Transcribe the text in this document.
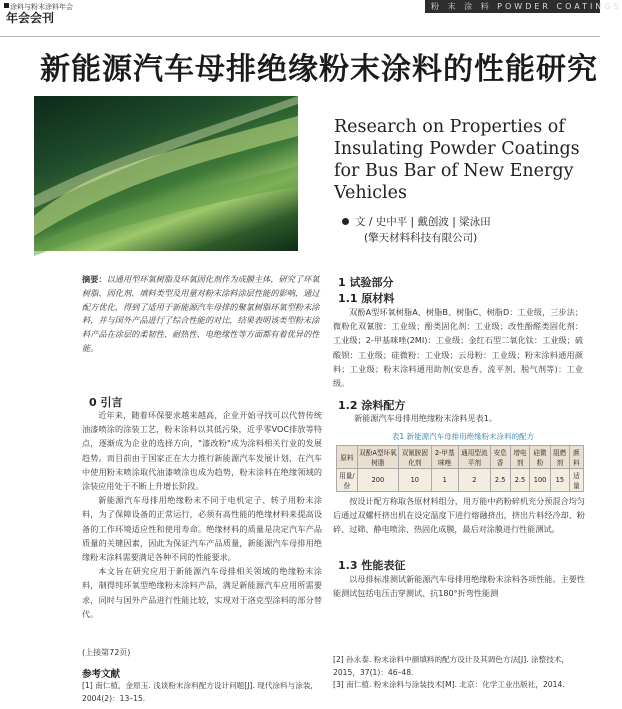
涂料与粉末涂料年会
年会会刊
粉 末 涂 料 POWDER COATINGS
新能源汽车母排绝缘粉末涂料的性能研究
Research on Properties of Insulating Powder Coatings for Bus Bar of New Energy Vehicles
文 / 史中平 | 戴创波 | 梁泳田
(擎天材料科技有限公司)
摘要：以通用型环氧树脂及环氧固化剂作为成膜主体，研究了环氧树脂、固化剂、填料类型及用量对粉末涂料涂层性能的影响，通过配方优化，得到了适用于新能源汽车母排的聚氯树脂环氧型粉末涂料，并与国外产品进行了综合性能的对比，结果表明该类型粉末涂料产品在涂层的柔韧性、耐热性、电绝缘性等方面都有着优异的性能。
0 引言
近年来，随着环保要求越来越高，企业开始寻找可以代替传统油漆喷涂的涂装工艺，粉末涂料以其低污染，近乎零VOC排放等特点，逐渐成为企业的选择方向，"漆改粉"成为涂料相关行业的发展趋势。而目前由于国家正在大力推行新能源汽车发展计划，在汽车中使用粉末喷涂取代油漆喷涂也成为趋势，粉末涂料在绝缘领域的涂装应用处于不断上升增长阶段。
新能源汽车母排用绝缘粉末不同于电机定子、转子用粉末涂料，为了保障设备的正常运行，必须有高性能的绝缘材料来提高设备的工作环境适应性和使用寿命。绝缘材料的质量是决定汽车产品质量的关键因素，因此为保证汽车产品质量，新能源汽车母排用绝缘粉末涂料需要满足各种不同的性能要求。
本文旨在研究应用于新能源汽车母排相关领域的绝缘粉末涂料，制得纯环氧型绝缘粉末涂料产品，满足新能源汽车应用所需要求，同时与国外产品进行性能比较，实现对于洛克型涂料的部分替代。
1 试验部分
1.1 原材料
双酚A型环氧树脂A、树脂B、树脂C、树脂D：工业级，三步法；微粉化双氰胺：工业级；酚类固化剂：工业级；改性酚醛类固化剂：工业级；2-甲基咪唑(2MI)：工业级；金红石型二氧化钛：工业级；硫酸钡：工业级；硅微粉：工业级；云母粉：工业级；粉末涂料通用颜料；工业级；粉末涂料通用助剂(安息香、流平剂、脱气剂等)：工业级。
1.2 涂料配方
新能源汽车母排用绝缘粉末涂料见表1。
表1 新能源汽车母排用绝缘粉末涂料的配方
原料	双酚A型环氧树脂	双氰胺固化剂	2-甲基咪唑	通用型流平剂	安息香	增电剂	硅微粉	阻燃剂	颜料
用量/份	200	10	1	2	2.5	2.5	100	15	适量
按设计配方称取各原材料组分，用万能中药粉碎机充分预混合均匀后通过双螺杆挤出机在设定温度下进行熔融挤出，挤出片料经冷却、粉碎、过筛、静电喷涂、热固化成膜，最后对涂膜进行性能测试。
1.3 性能表征
以母排标准测试新能源汽车母排用绝缘粉末涂料各项性能。主要性能测试包括电压击穿测试、抗180°折弯性能测
(上接第72页)
参考文献
[1] 南仁植，金原玉. 浅谈粉末涂料配方设计问题[J]. 现代涂料与涂装，2004(2)：13–15.
[2] 孙永泰. 粉末涂料中颜填料的配方设计及其调色方法[J]. 涂整技术，2015，37(1)：46–48.
[3] 南仁植. 粉末涂料与涂装技术[M]. 北京：化学工业出版社，2014.
